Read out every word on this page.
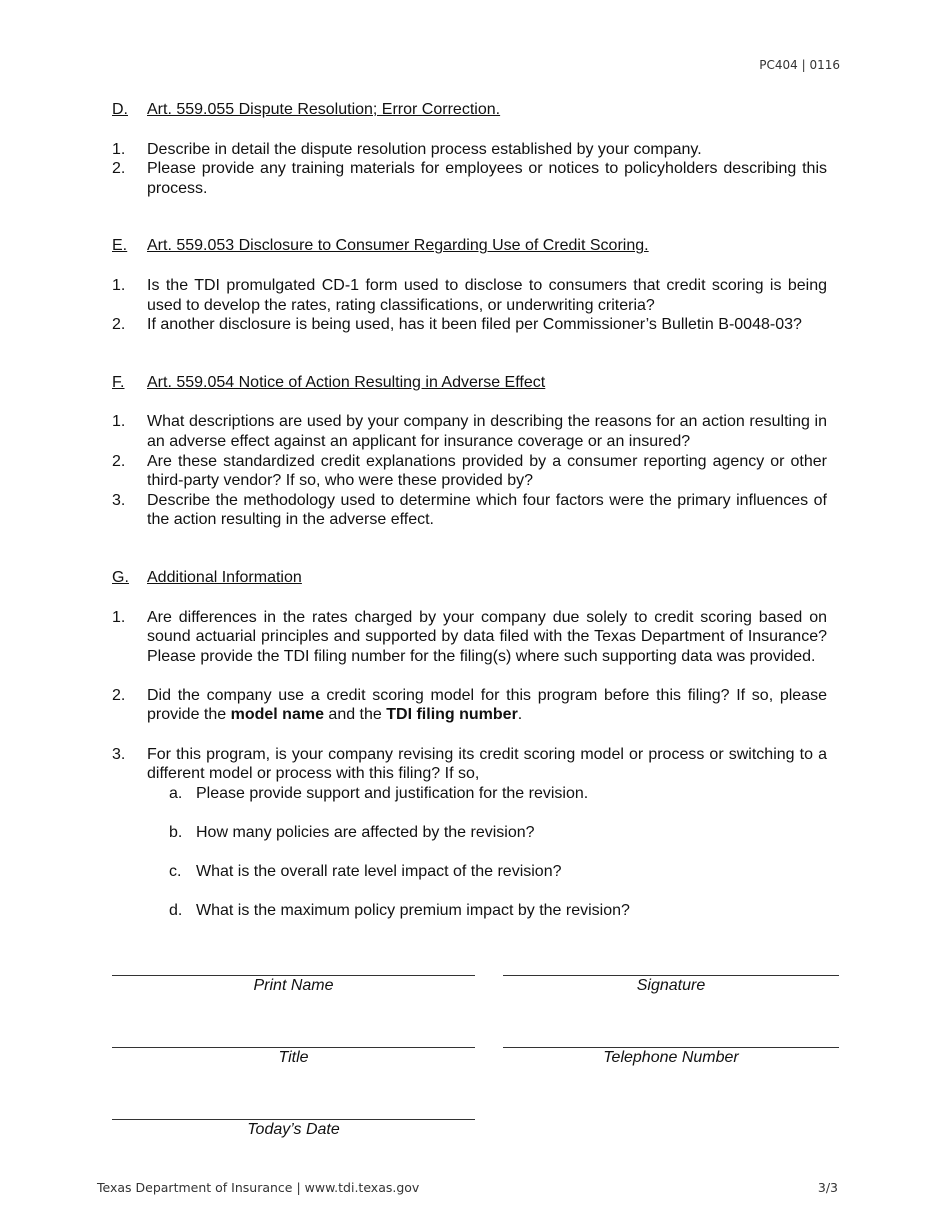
PC404 | 0116
D.	Art. 559.055 Dispute Resolution; Error Correction.
1.	Describe in detail the dispute resolution process established by your company.
2.	Please provide any training materials for employees or notices to policyholders describing this process.
E.	Art. 559.053 Disclosure to Consumer Regarding Use of Credit Scoring.
1.	Is the TDI promulgated CD-1 form used to disclose to consumers that credit scoring is being used to develop the rates, rating classifications, or underwriting criteria?
2.	If another disclosure is being used, has it been filed per Commissioner’s Bulletin B-0048-03?
F.	Art. 559.054 Notice of Action Resulting in Adverse Effect
1.	What descriptions are used by your company in describing the reasons for an action resulting in an adverse effect against an applicant for insurance coverage or an insured?
2.	Are these standardized credit explanations provided by a consumer reporting agency or other third-party vendor? If so, who were these provided by?
3.	Describe the methodology used to determine which four factors were the primary influences of the action resulting in the adverse effect.
G.	Additional Information
1.	Are differences in the rates charged by your company due solely to credit scoring based on sound actuarial principles and supported by data filed with the Texas Department of Insurance? Please provide the TDI filing number for the filing(s) where such supporting data was provided.
2.	Did the company use a credit scoring model for this program before this filing? If so, please provide the model name and the TDI filing number.
3.	For this program, is your company revising its credit scoring model or process or switching to a different model or process with this filing? If so,
a. Please provide support and justification for the revision.
b. How many policies are affected by the revision?
c. What is the overall rate level impact of the revision?
d. What is the maximum policy premium impact by the revision?
Print Name	Signature
Title	Telephone Number
Today’s Date
Texas Department of Insurance | www.tdi.texas.gov	3/3
